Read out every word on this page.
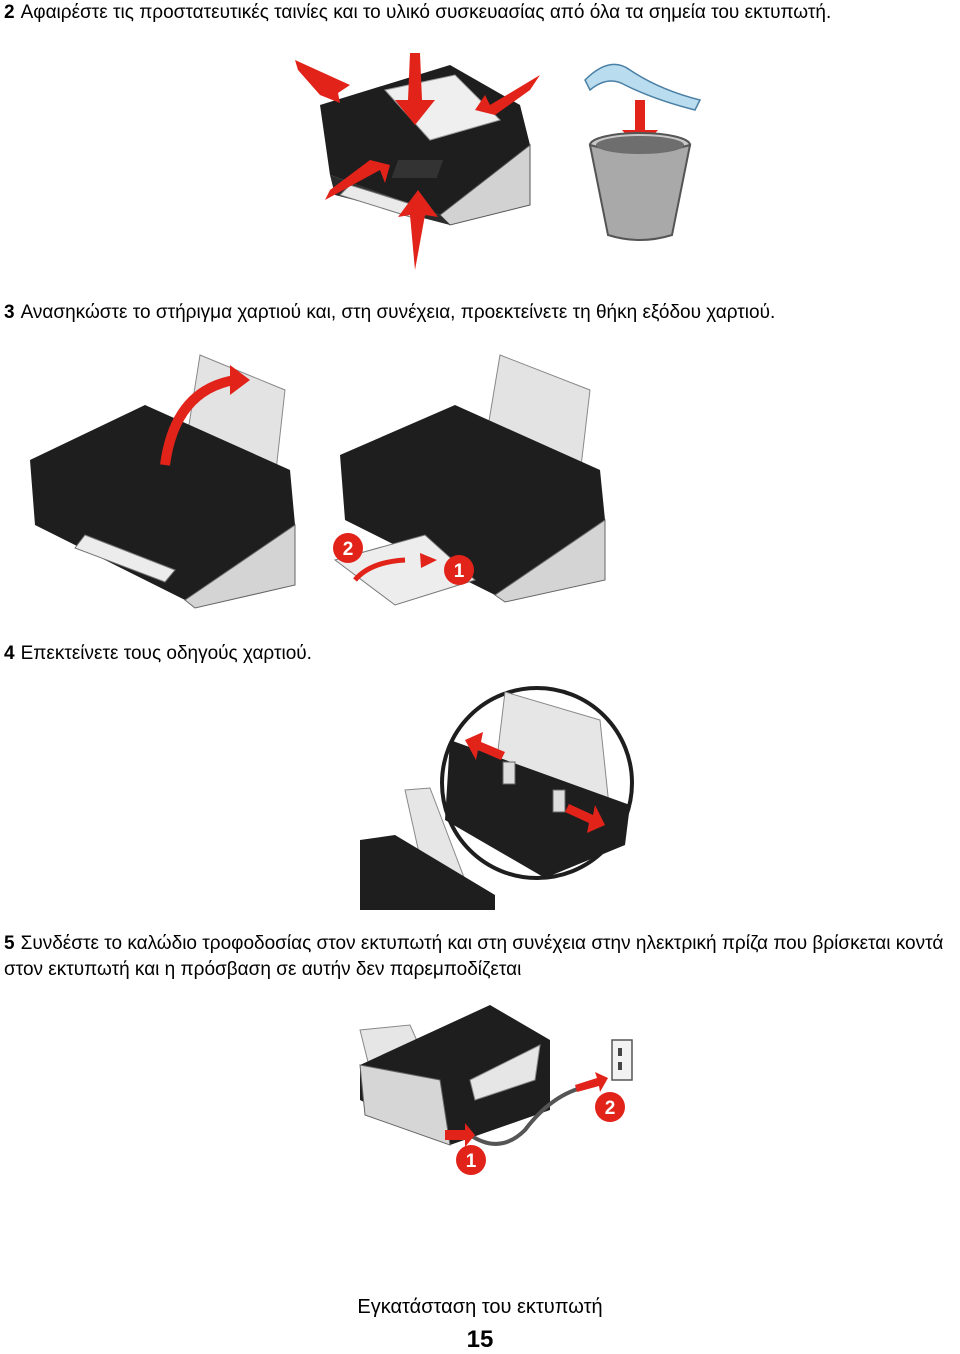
2 Αφαιρέστε τις προστατευτικές ταινίες και το υλικό συσκευασίας από όλα τα σημεία του εκτυπωτή.
3 Ανασηκώστε το στήριγμα χαρτιού και, στη συνέχεια, προεκτείνετε τη θήκη εξόδου χαρτιού.
2
1
4 Επεκτείνετε τους οδηγούς χαρτιού.
5 Συνδέστε το καλώδιο τροφοδοσίας στον εκτυπωτή και στη συνέχεια στην ηλεκτρική πρίζα που βρίσκεται κοντά στον εκτυπωτή και η πρόσβαση σε αυτήν δεν παρεμποδίζεται
1
2
Εγκατάσταση του εκτυπωτή
15
